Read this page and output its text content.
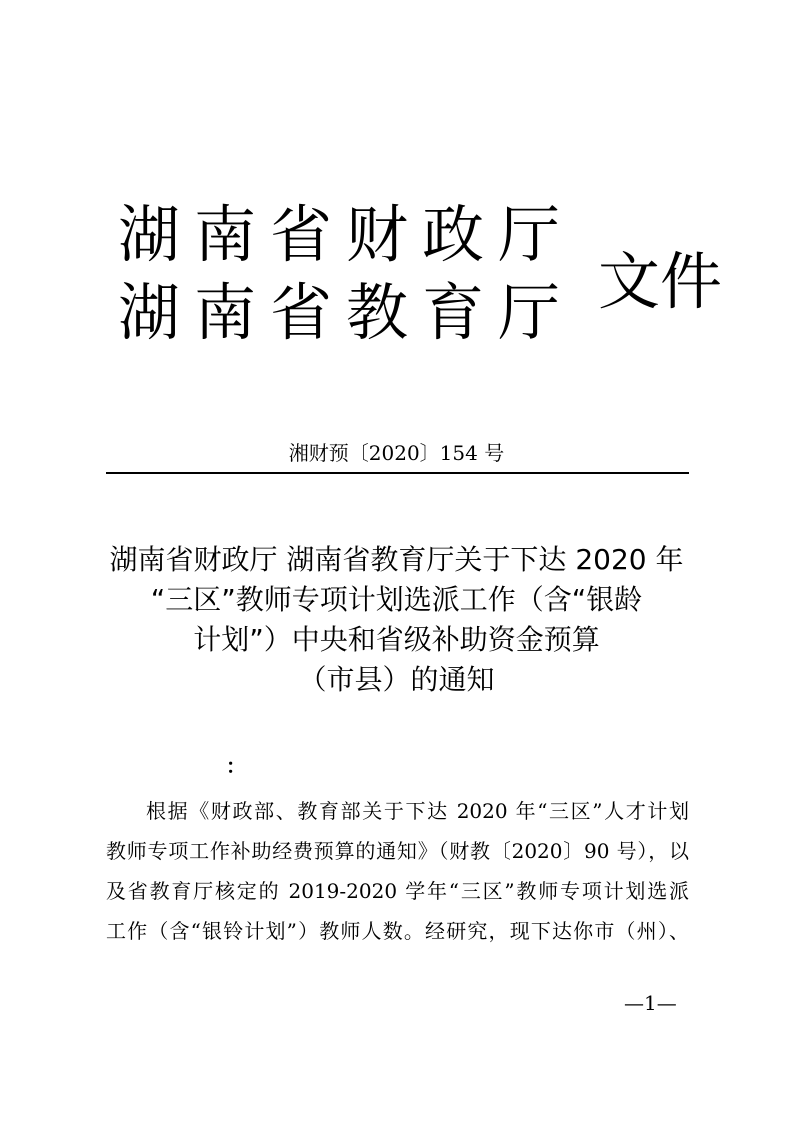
湖南省财政厅
湖南省教育厅 文件
湘财预〔2020〕154 号
湖南省财政厅 湖南省教育厅关于下达 2020 年
“三区”教师专项计划选派工作（含“银龄
计划”）中央和省级补助资金预算
（市县）的通知
：
根据《财政部、教育部关于下达 2020 年“三区”人才计划
教师专项工作补助经费预算的通知》（财教〔2020〕90 号），以
及省教育厅核定的 2019-2020 学年“三区”教师专项计划选派
工作（含“银铃计划”）教师人数。经研究，现下达你市（州）、
—1—
